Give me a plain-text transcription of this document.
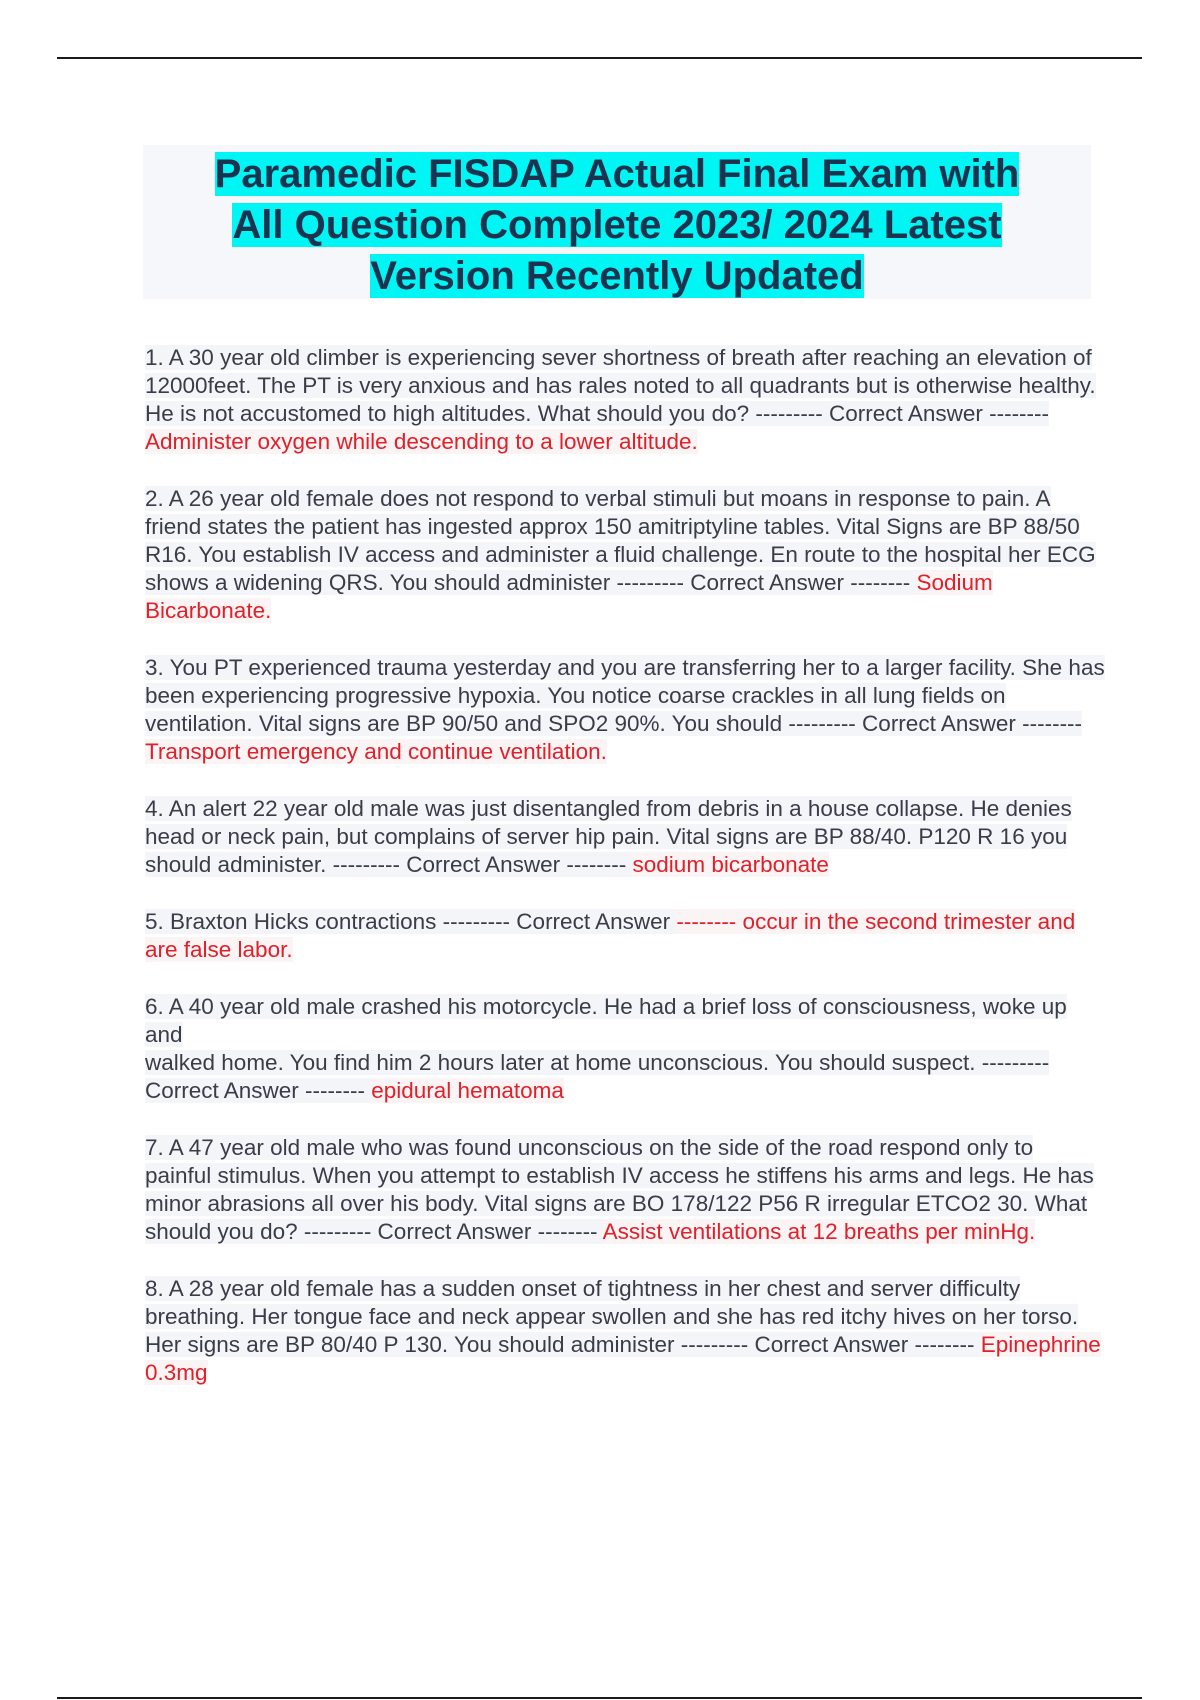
Paramedic FISDAP Actual Final Exam with
All Question Complete 2023/ 2024 Latest
Version Recently Updated

1. A 30 year old climber is experiencing sever shortness of breath after reaching an elevation of 12000feet. The PT is very anxious and has rales noted to all quadrants but is otherwise healthy. He is not accustomed to high altitudes. What should you do? --------- Correct Answer -------- Administer oxygen while descending to a lower altitude.

2. A 26 year old female does not respond to verbal stimuli but moans in response to pain. A friend states the patient has ingested approx 150 amitriptyline tables. Vital Signs are BP 88/50 R16. You establish IV access and administer a fluid challenge. En route to the hospital her ECG shows a widening QRS. You should administer --------- Correct Answer -------- Sodium Bicarbonate.

3. You PT experienced trauma yesterday and you are transferring her to a larger facility. She has been experiencing progressive hypoxia. You notice coarse crackles in all lung fields on ventilation. Vital signs are BP 90/50 and SPO2 90%. You should --------- Correct Answer -------- Transport emergency and continue ventilation.

4. An alert 22 year old male was just disentangled from debris in a house collapse. He denies head or neck pain, but complains of server hip pain. Vital signs are BP 88/40. P120 R 16 you should administer. --------- Correct Answer -------- sodium bicarbonate

5. Braxton Hicks contractions --------- Correct Answer -------- occur in the second trimester and are false labor.

6. A 40 year old male crashed his motorcycle. He had a brief loss of consciousness, woke up and
walked home. You find him 2 hours later at home unconscious. You should suspect. --------- Correct Answer -------- epidural hematoma

7. A 47 year old male who was found unconscious on the side of the road respond only to painful stimulus. When you attempt to establish IV access he stiffens his arms and legs. He has minor abrasions all over his body. Vital signs are BO 178/122 P56 R irregular ETCO2 30. What should you do? --------- Correct Answer -------- Assist ventilations at 12 breaths per minHg.

8. A 28 year old female has a sudden onset of tightness in her chest and server difficulty breathing. Her tongue face and neck appear swollen and she has red itchy hives on her torso. Her signs are BP 80/40 P 130. You should administer --------- Correct Answer -------- Epinephrine 0.3mg
